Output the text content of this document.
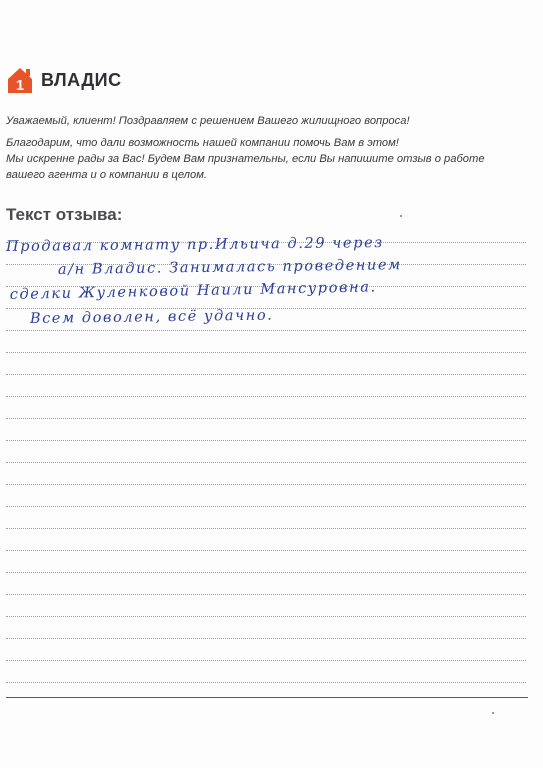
1 ВЛАДИС

Уважаемый, клиент! Поздравляем с решением Вашего жилищного вопроса!

Благодарим, что дали возможность нашей компании помочь Вам в этом!

Мы искренне рады за Вас! Будем Вам признательны, если Вы напишите отзыв о работе

вашего агента и о компании в целом.

Текст отзыва:
Продавал комнату пр.Ильича д.29 через
а/н Владис. Занималась проведением
сделки Жуленковой Наили Мансуровна.
Всем доволен, всё удачно.
